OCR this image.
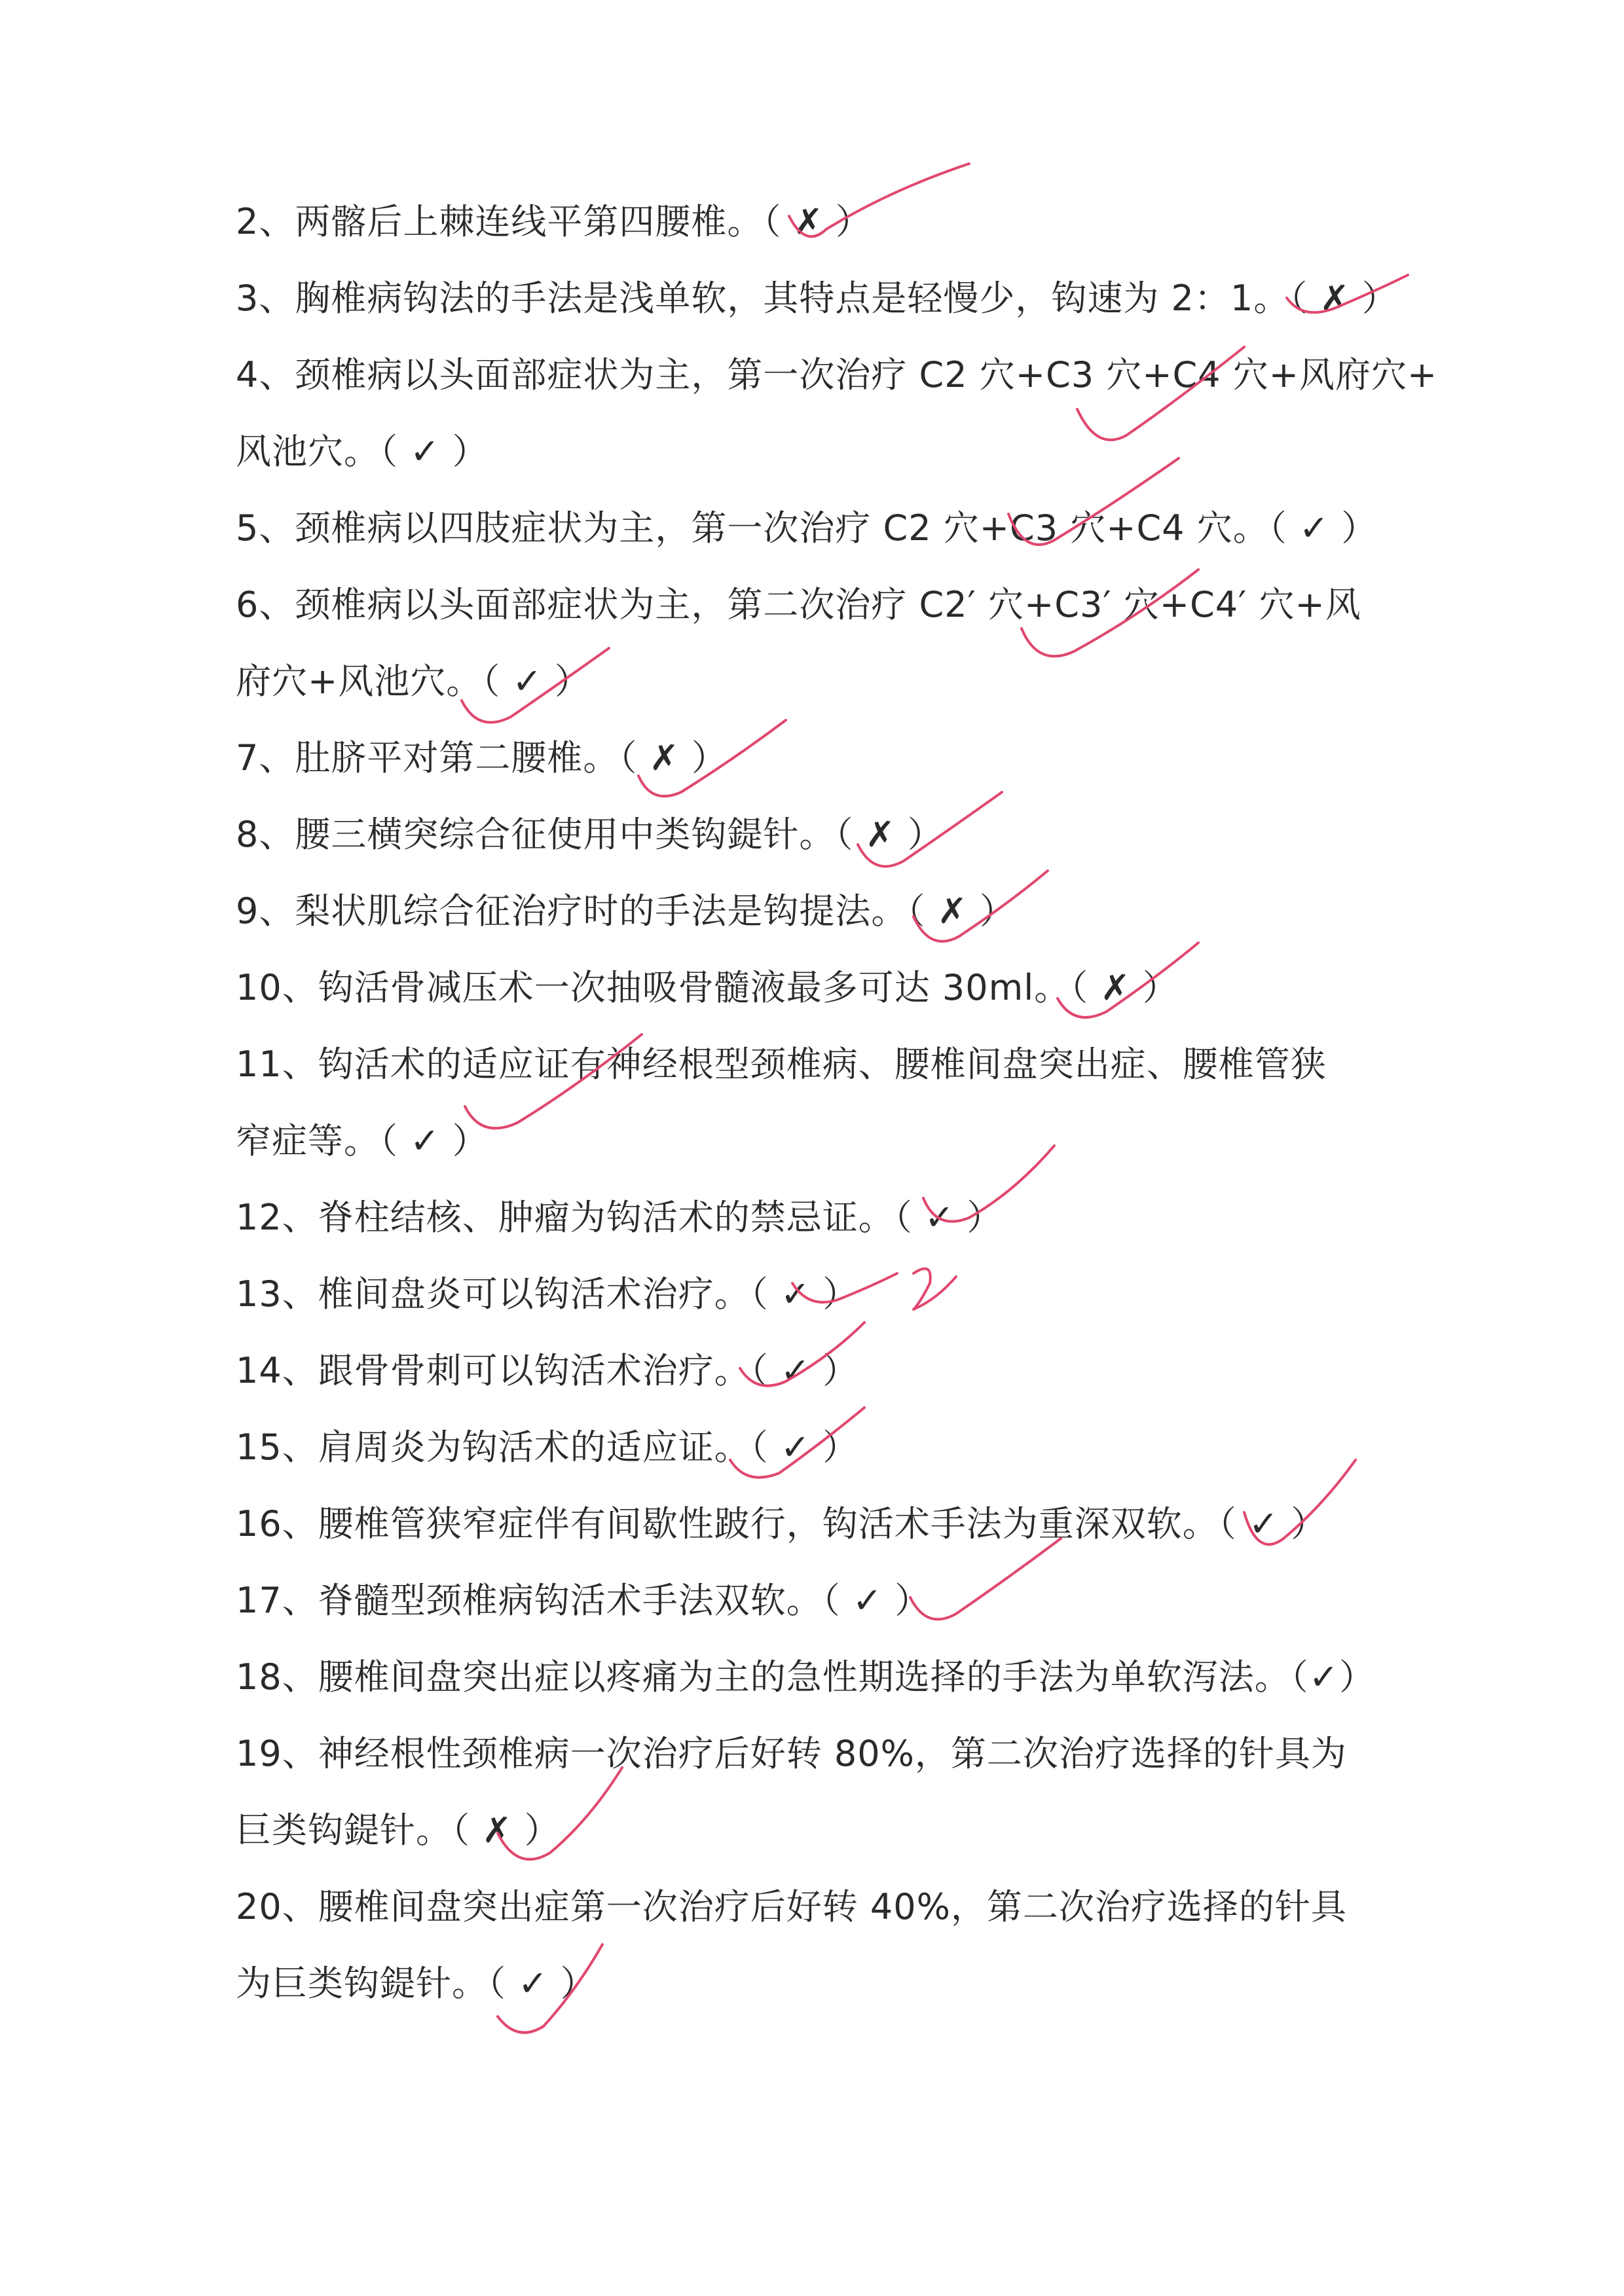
2、两髂后上棘连线平第四腰椎。（ ✗ ）
3、胸椎病钩法的手法是浅单软，其特点是轻慢少，钩速为 2：1。（ ✗ ）
4、颈椎病以头面部症状为主，第一次治疗 C2 穴+C3 穴+C4 穴+风府穴+
风池穴。（ ✓ ）
5、颈椎病以四肢症状为主，第一次治疗 C2 穴+C3 穴+C4 穴。（ ✓ ）
6、颈椎病以头面部症状为主，第二次治疗 C2′ 穴+C3′ 穴+C4′ 穴+风
府穴+风池穴。（ ✓ ）
7、肚脐平对第二腰椎。（ ✗ ）
8、腰三横突综合征使用中类钩鍉针。（ ✗ ）
9、梨状肌综合征治疗时的手法是钩提法。（ ✗ ）
10、钩活骨减压术一次抽吸骨髓液最多可达 30ml。（ ✗ ）
11、钩活术的适应证有神经根型颈椎病、腰椎间盘突出症、腰椎管狭
窄症等。（ ✓ ）
12、脊柱结核、肿瘤为钩活术的禁忌证。（ ✓ ）
13、椎间盘炎可以钩活术治疗。（ ✓ ）
14、跟骨骨刺可以钩活术治疗。（ ✓ ）
15、肩周炎为钩活术的适应证。（ ✓ ）
16、腰椎管狭窄症伴有间歇性跛行，钩活术手法为重深双软。（ ✓ ）
17、脊髓型颈椎病钩活术手法双软。（ ✓ ）
18、腰椎间盘突出症以疼痛为主的急性期选择的手法为单软泻法。（✓）
19、神经根性颈椎病一次治疗后好转 80%，第二次治疗选择的针具为
巨类钩鍉针。（ ✗ ）
20、腰椎间盘突出症第一次治疗后好转 40%，第二次治疗选择的针具
为巨类钩鍉针。（ ✓ ）
